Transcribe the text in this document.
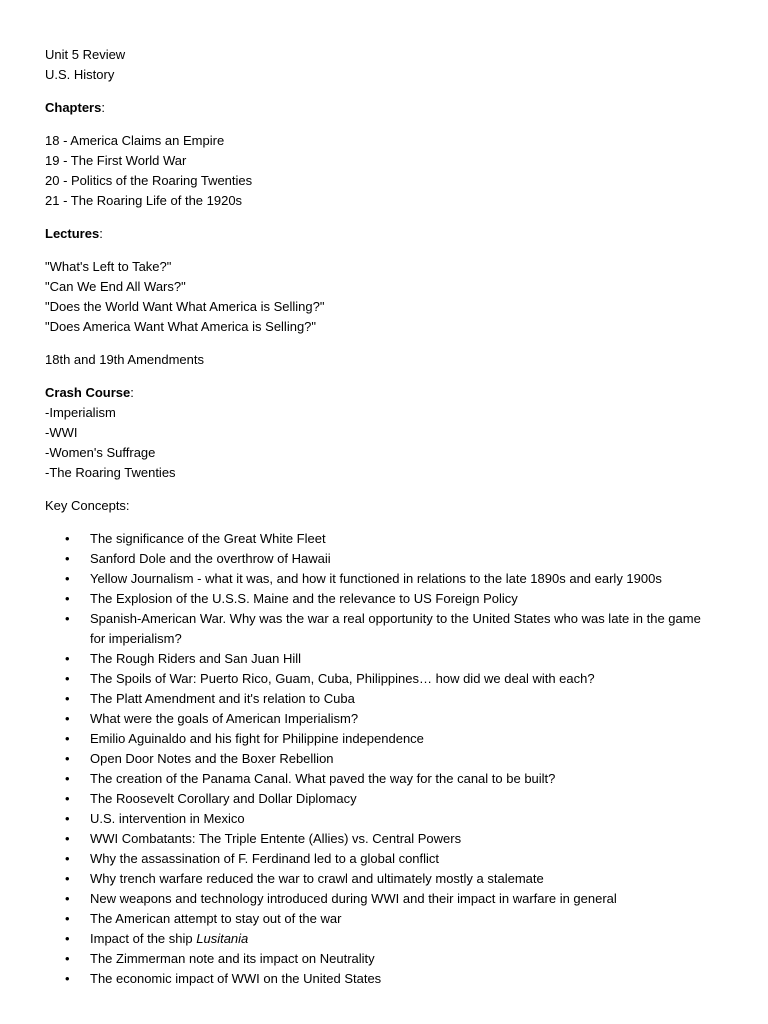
Unit 5 Review
U.S. History
Chapters:
18 - America Claims an Empire
19 - The First World War
20 - Politics of the Roaring Twenties
21 - The Roaring Life of the 1920s
Lectures:
"What's Left to Take?"
"Can We End All Wars?"
"Does the World Want What America is Selling?"
"Does America Want What America is Selling?"
18th and 19th Amendments
Crash Course:
-Imperialism
-WWI
-Women's Suffrage
-The Roaring Twenties
Key Concepts:
• The significance of the Great White Fleet
• Sanford Dole and the overthrow of Hawaii
• Yellow Journalism - what it was, and how it functioned in relations to the late 1890s and early 1900s
• The Explosion of the U.S.S. Maine and the relevance to US Foreign Policy
• Spanish-American War. Why was the war a real opportunity to the United States who was late in the game for imperialism?
• The Rough Riders and San Juan Hill
• The Spoils of War: Puerto Rico, Guam, Cuba, Philippines… how did we deal with each?
• The Platt Amendment and it's relation to Cuba
• What were the goals of American Imperialism?
• Emilio Aguinaldo and his fight for Philippine independence
• Open Door Notes and the Boxer Rebellion
• The creation of the Panama Canal. What paved the way for the canal to be built?
• The Roosevelt Corollary and Dollar Diplomacy
• U.S. intervention in Mexico
• WWI Combatants: The Triple Entente (Allies) vs. Central Powers
• Why the assassination of F. Ferdinand led to a global conflict
• Why trench warfare reduced the war to crawl and ultimately mostly a stalemate
• New weapons and technology introduced during WWI and their impact in warfare in general
• The American attempt to stay out of the war
• Impact of the ship Lusitania
• The Zimmerman note and its impact on Neutrality
• The economic impact of WWI on the United States
